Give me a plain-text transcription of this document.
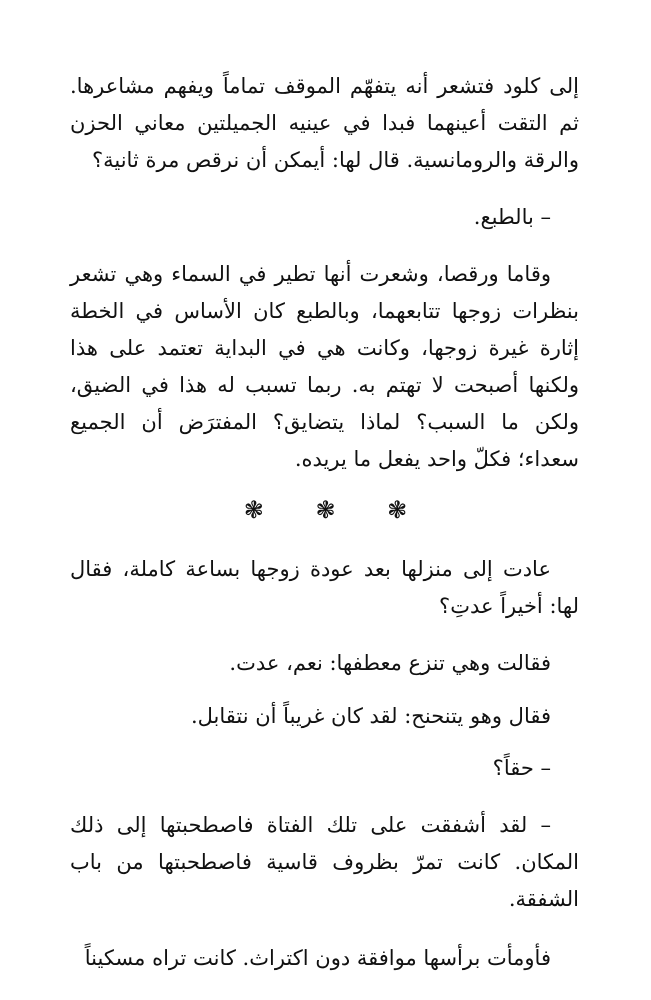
إلى كلود فتشعر أنه يتفهّم الموقف تماماً ويفهم مشاعرها. ثم التقت أعينهما فبدا في عينيه الجميلتين معاني الحزن والرقة والرومانسية. قال لها: أيمكن أن نرقص مرة ثانية؟

– بالطبع.

وقاما ورقصا، وشعرت أنها تطير في السماء وهي تشعر بنظرات زوجها تتابعهما، وبالطبع كان الأساس في الخطة إثارة غيرة زوجها، وكانت هي في البداية تعتمد على هذا ولكنها أصبحت لا تهتم به. ربما تسبب له هذا في الضيق، ولكن ما السبب؟ لماذا يتضايق؟ المفترَض أن الجميع سعداء؛ فكلّ واحد يفعل ما يريده.

❃ ❃ ❃

عادت إلى منزلها بعد عودة زوجها بساعة كاملة، فقال لها: أخيراً عدتِ؟

فقالت وهي تنزع معطفها: نعم، عدت.

فقال وهو يتنحنح: لقد كان غريباً أن نتقابل.

– حقاً؟

– لقد أشفقت على تلك الفتاة فاصطحبتها إلى ذلك المكان. كانت تمرّ بظروف قاسية فاصطحبتها من باب الشفقة.

فأومأت برأسها موافقة دون اكتراث. كانت تراه مسكيناً
